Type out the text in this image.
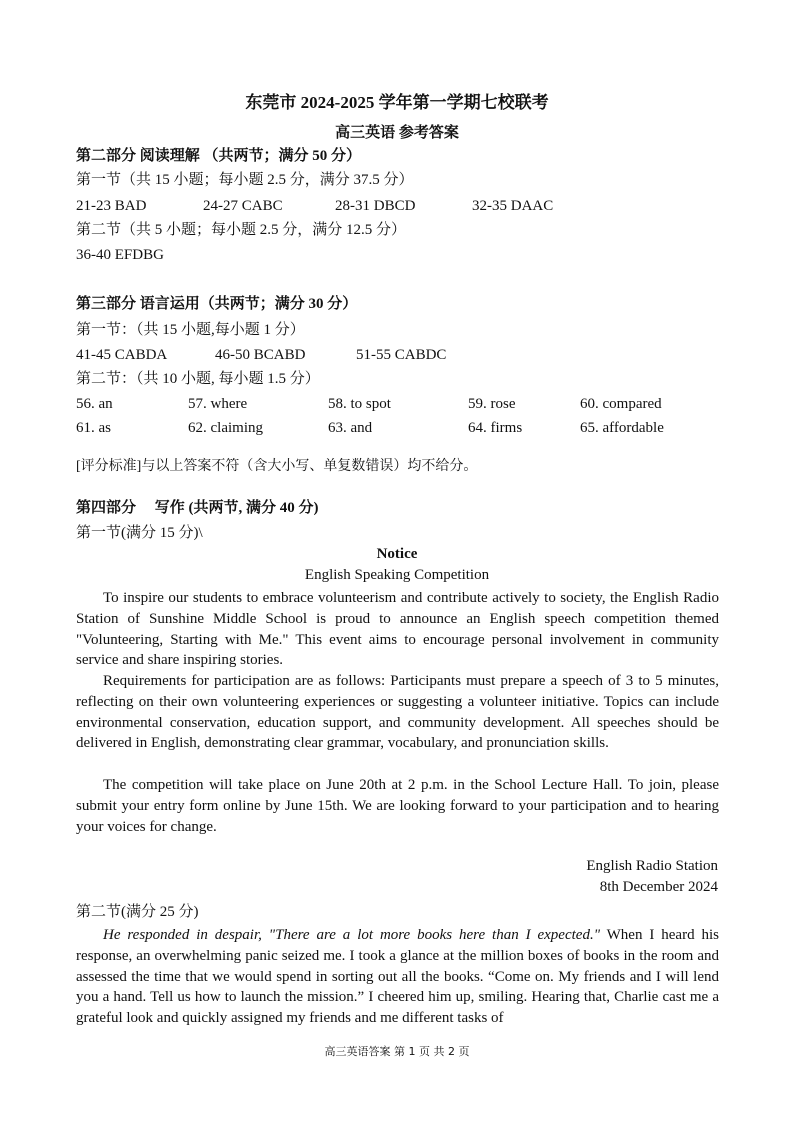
东莞市 2024-2025 学年第一学期七校联考
高三英语 参考答案
第二部分 阅读理解 （共两节；满分 50 分）
第一节（共 15 小题；每小题 2.5 分，满分 37.5 分）
21-23 BAD	24-27 CABC	28-31 DBCD	32-35 DAAC
第二节（共 5 小题；每小题 2.5 分，满分 12.5 分）
36-40 EFDBG
第三部分 语言运用（共两节；满分 30 分）
第一节：（共 15 小题,每小题 1 分）
41-45 CABDA	46-50 BCABD	51-55 CABDC
第二节：（共 10 小题, 每小题 1.5 分）
56. an	57. where	58. to spot	59. rose	60. compared
61. as	62. claiming	63. and	64. firms	65. affordable
[评分标准]与以上答案不符（含大小写、单复数错误）均不给分。
第四部分　 写作 (共两节, 满分 40 分)
第一节(满分 15 分)\
Notice
English Speaking Competition

To inspire our students to embrace volunteerism and contribute actively to society, the English Radio Station of Sunshine Middle School is proud to announce an English speech competition themed "Volunteering, Starting with Me." This event aims to encourage personal involvement in community service and share inspiring stories.

Requirements for participation are as follows: Participants must prepare a speech of 3 to 5 minutes, reflecting on their own volunteering experiences or suggesting a volunteer initiative. Topics can include environmental conservation, education support, and community development. All speeches should be delivered in English, demonstrating clear grammar, vocabulary, and pronunciation skills.

The competition will take place on June 20th at 2 p.m. in the School Lecture Hall. To join, please submit your entry form online by June 15th. We are looking forward to your participation and to hearing your voices for change.

English Radio Station
8th December 2024
第二节(满分 25 分)

He responded in despair, "There are a lot more books here than I expected." When I heard his response, an overwhelming panic seized me. I took a glance at the million boxes of books in the room and assessed the time that we would spend in sorting out all the books. “Come on. My friends and I will lend you a hand. Tell us how to launch the mission.” I cheered him up, smiling. Hearing that, Charlie cast me a grateful look and quickly assigned my friends and me different tasks of

高三英语答案 第 1 页 共 2 页
